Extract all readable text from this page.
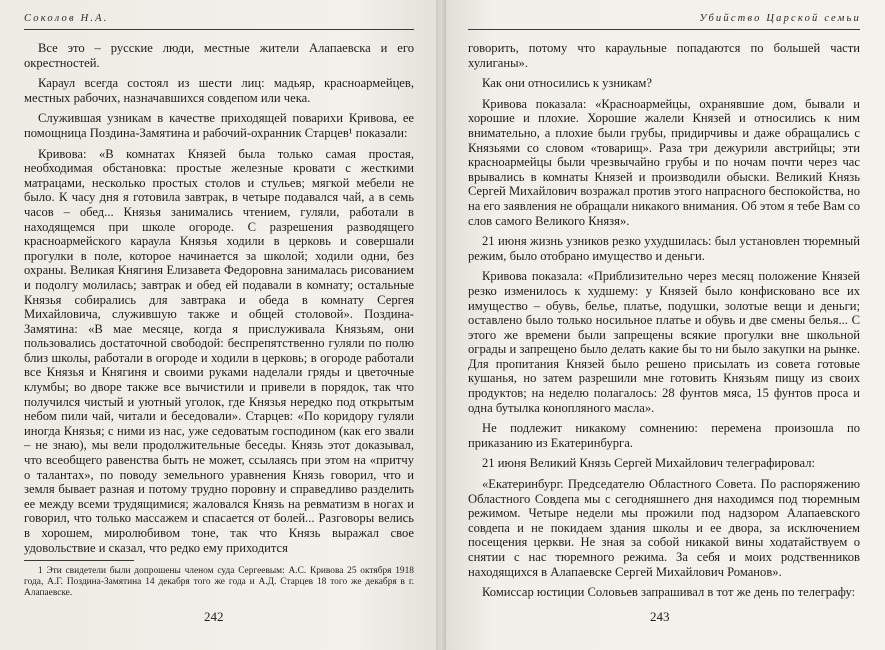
Соколов Н.А.

Все это – русские люди, местные жители Алапаевска и его окрестностей.

Караул всегда состоял из шести лиц: мадьяр, красноармейцев, местных рабочих, назначавшихся совдепом или чека.

Служившая узникам в качестве приходящей поварихи Кривова, ее помощница Поздина-Замятина и рабочий-охранник Старцев¹ показали:

Кривова: «В комнатах Князей была только самая простая, необходимая обстановка: простые железные кровати с жесткими матрацами, несколько простых столов и стульев; мягкой мебели не было. К часу дня я готовила завтрак, в четыре подавался чай, а в семь часов – обед... Князья занимались чтением, гуляли, работали в находящемся при школе огороде. С разрешения разводящего красноармейского караула Князья ходили в церковь и совершали прогулки в поле, которое начинается за школой; ходили одни, без охраны. Великая Княгиня Елизавета Федоровна занималась рисованием и подолгу молилась; завтрак и обед ей подавали в комнату; остальные Князья собирались для завтрака и обеда в комнату Сергея Михайловича, служившую также и общей столовой». Поздина-Замятина: «В мае месяце, когда я прислуживала Князьям, они пользовались достаточной свободой: беспрепятственно гуляли по полю близ школы, работали в огороде и ходили в церковь; в огороде работали все Князья и Княгиня и своими руками наделали гряды и цветочные клумбы; во дворе также все вычистили и привели в порядок, так что получился чистый и уютный уголок, где Князья нередко под открытым небом пили чай, читали и беседовали». Старцев: «По коридору гуляли иногда Князья; с ними из нас, уже седоватым господином (как его звали – не знаю), мы вели продолжительные беседы. Князь этот доказывал, что всеобщего равенства быть не может, ссылаясь при этом на «притчу о талантах», по поводу земельного уравнения Князь говорил, что и земля бывает разная и потому трудно поровну и справедливо разделить ее между всеми трудящимися; жаловался Князь на ревматизм в ногах и говорил, что только массажем и спасается от болей... Разговоры велись в хорошем, миролюбивом тоне, так что Князь выражал свое удовольствие и сказал, что редко ему приходится

1 Эти свидетели были допрошены членом суда Сергеевым: А.С. Кривова 25 октября 1918 года, А.Г. Поздина-Замятина 14 декабря того же года и А.Д. Старцев 18 того же декабря в г. Алапаевске.
242
Убийство Царской семьи

говорить, потому что караульные попадаются по большей части хулиганы».

Как они относились к узникам?

Кривова показала: «Красноармейцы, охранявшие дом, бывали и хорошие и плохие. Хорошие жалели Князей и относились к ним внимательно, а плохие были грубы, придирчивы и даже обращались с Князьями со словом «товарищ». Раза три дежурили австрийцы; эти красноармейцы были чрезвычайно грубы и по ночам почти через час врывались в комнаты Князей и производили обыски. Великий Князь Сергей Михайлович возражал против этого напрасного беспокойства, но на его заявления не обращали никакого внимания. Об этом я тебе Вам со слов самого Великого Князя».

21 июня жизнь узников резко ухудшилась: был установлен тюремный режим, было отобрано имущество и деньги.

Кривова показала: «Приблизительно через месяц положение Князей резко изменилось к худшему: у Князей было конфисковано все их имущество – обувь, белье, платье, подушки, золотые вещи и деньги; оставлено было только носильное платье и обувь и две смены белья... С этого же времени были запрещены всякие прогулки вне школьной ограды и запрещено было делать какие бы то ни было закупки на рынке. Для пропитания Князей было решено присылать из совета готовые кушанья, но затем разрешили мне готовить Князьям пищу из своих продуктов; на неделю полагалось: 28 фунтов мяса, 15 фунтов проса и одна бутылка конопляного масла».

Не подлежит никакому сомнению: перемена произошла по приказанию из Екатеринбурга.

21 июня Великий Князь Сергей Михайлович телеграфировал:

«Екатеринбург. Председателю Областного Совета. По распоряжению Областного Совдепа мы с сегодняшнего дня находимся под тюремным режимом. Четыре недели мы прожили под надзором Алапаевского совдепа и не покидаем здания школы и ее двора, за исключением посещения церкви. Не зная за собой никакой вины ходатайствуем о снятии с нас тюремного режима. За себя и моих родственников находящихся в Алапаевске Сергей Михайлович Романов».

Комиссар юстиции Соловьев запрашивал в тот же день по телеграфу:

243
